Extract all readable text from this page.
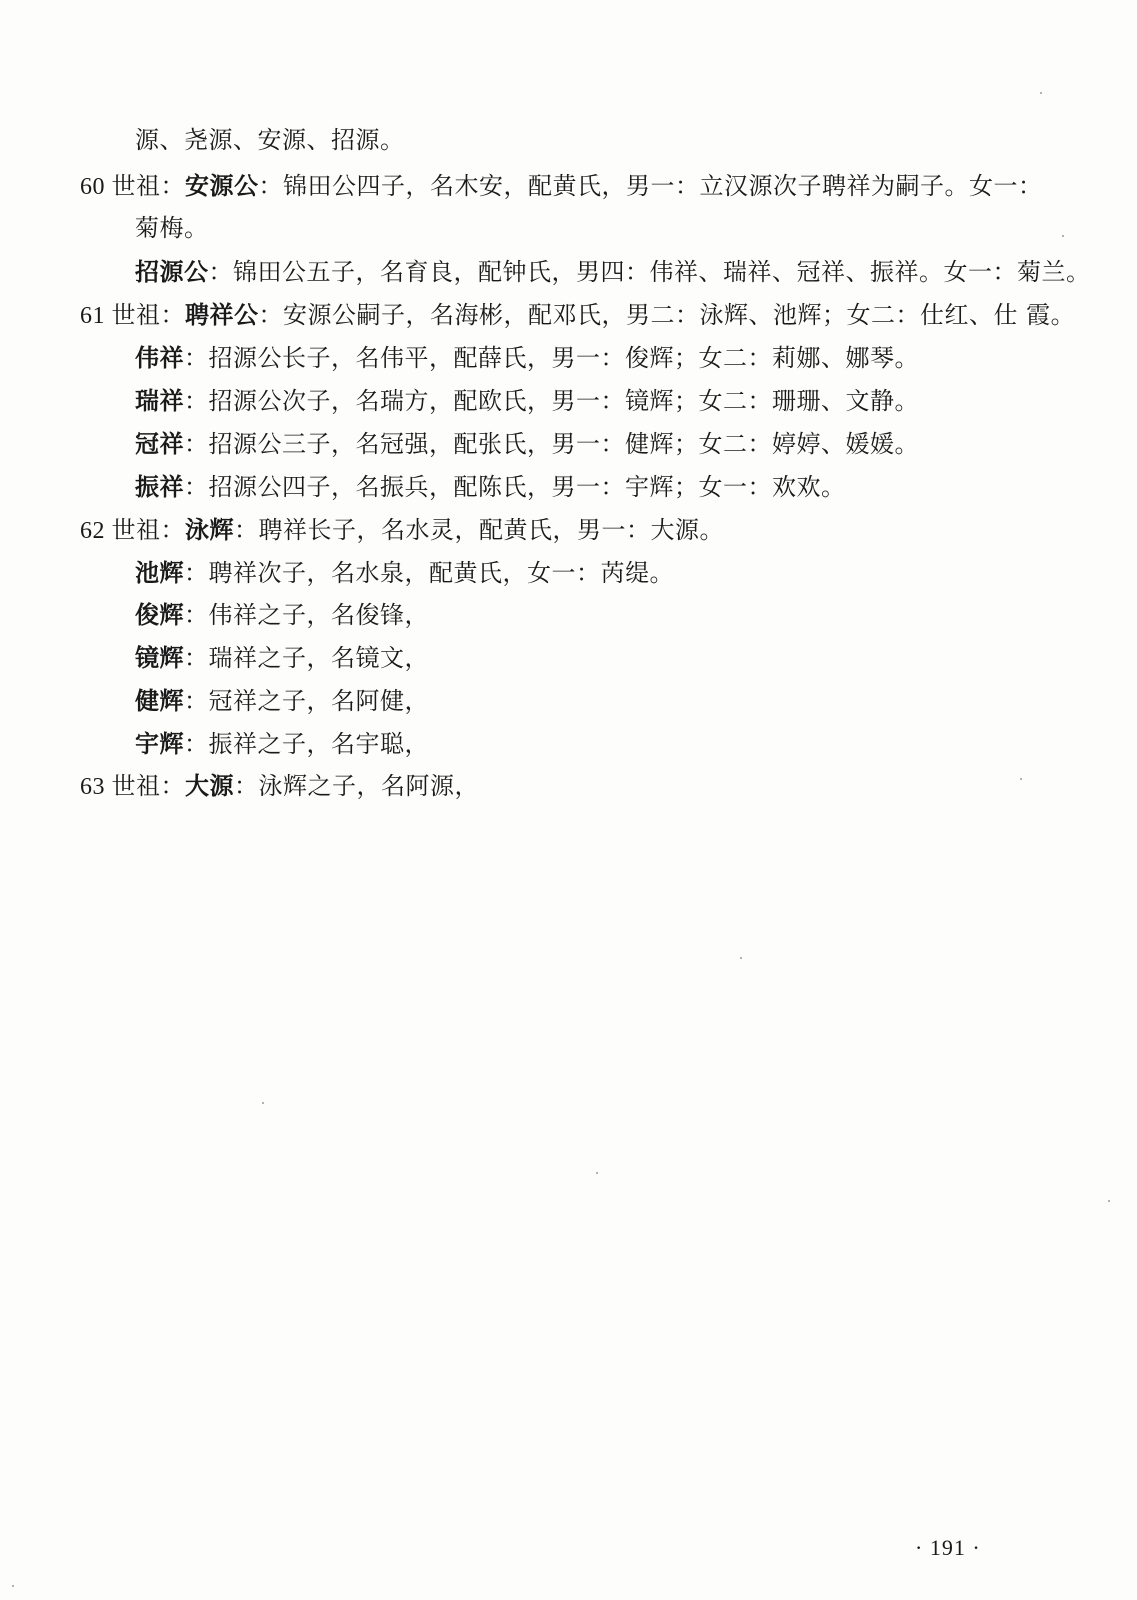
源、尧源、安源、招源。
60 世祖：安源公：锦田公四子，名木安，配黄氏，男一：立汉源次子聘祥为嗣子。女一：
菊梅。
招源公：锦田公五子，名育良，配钟氏，男四：伟祥、瑞祥、冠祥、振祥。女一：菊兰。
61 世祖：聘祥公：安源公嗣子，名海彬，配邓氏，男二：泳辉、池辉；女二：仕红、仕 霞。
伟祥：招源公长子，名伟平，配薛氏，男一：俊辉；女二：莉娜、娜琴。
瑞祥：招源公次子，名瑞方，配欧氏，男一：镜辉；女二：珊珊、文静。
冠祥：招源公三子，名冠强，配张氏，男一：健辉；女二：婷婷、媛媛。
振祥：招源公四子，名振兵，配陈氏，男一：宇辉；女一：欢欢。
62 世祖：泳辉：聘祥长子，名水灵，配黄氏，男一：大源。
池辉：聘祥次子，名水泉，配黄氏，女一：芮缇。
俊辉：伟祥之子，名俊锋，
镜辉：瑞祥之子，名镜文，
健辉：冠祥之子，名阿健，
宇辉：振祥之子，名宇聪，
63 世祖：大源：泳辉之子，名阿源，
· 191 ·
